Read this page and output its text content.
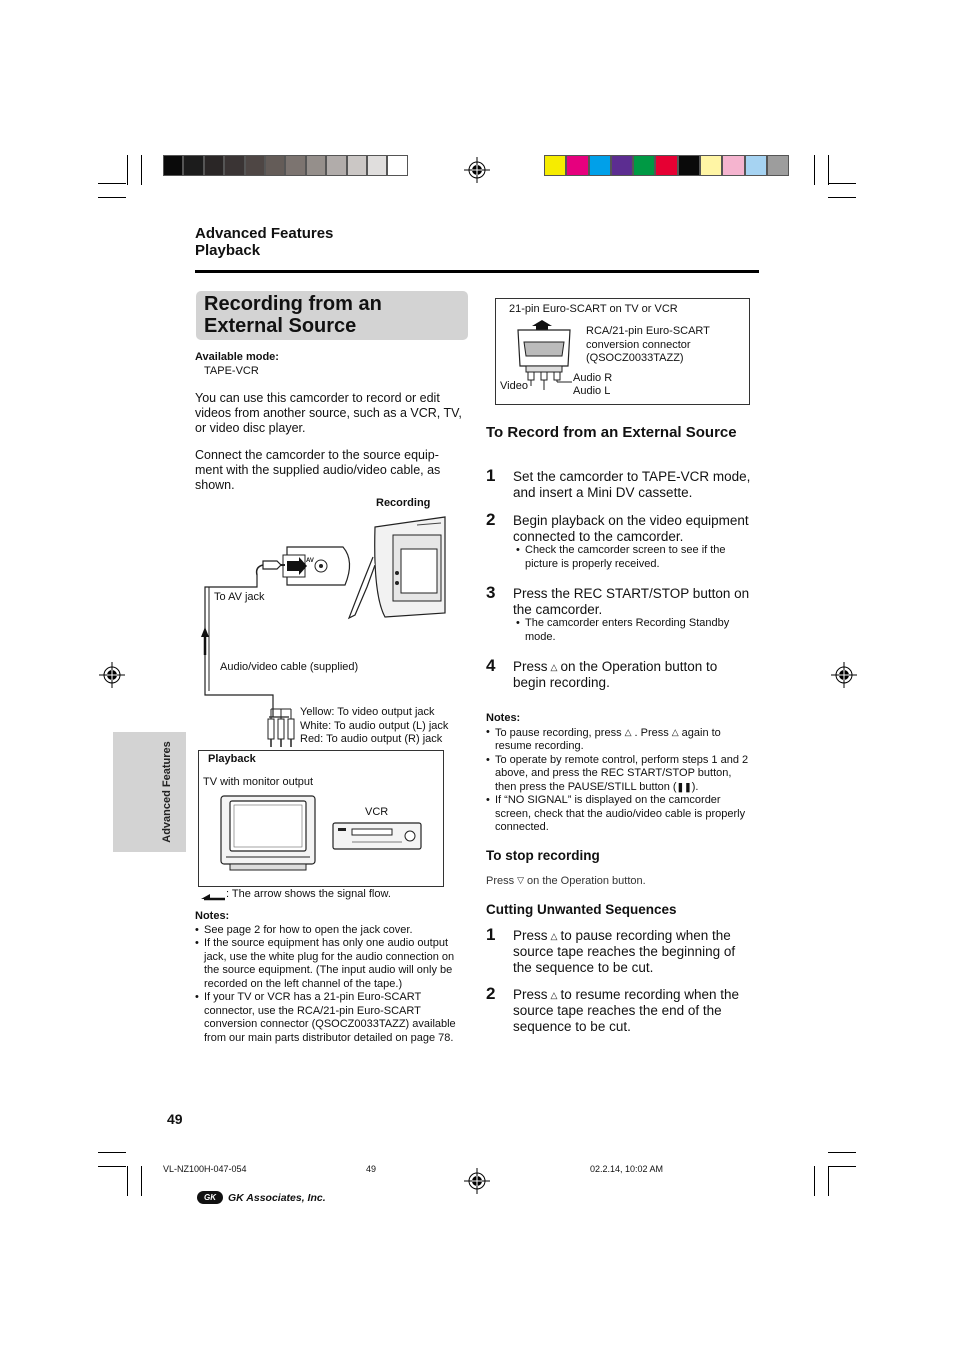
Advanced Features
Playback
Recording from an
External Source
Available mode:
TAPE-VCR
You can use this camcorder to record or edit videos from another source, such as a VCR, TV, or video disc player.
Connect the camcorder to the source equip-ment with the supplied audio/video cable, as shown.
Recording
AV
To AV jack
Audio/video cable (supplied)
Yellow: To video output jack
White: To audio output (L) jack
Red: To audio output (R) jack
Playback
TV with monitor output
VCR
: The arrow shows the signal flow.
Notes:
• See page 2 for how to open the jack cover.
• If the source equipment has only one audio output jack, use the white plug for the audio connection on the source equipment. (The input audio will only be recorded on the left channel of the tape.)
• If your TV or VCR has a 21-pin Euro-SCART connector, use the RCA/21-pin Euro-SCART conversion connector (QSOCZ0033TAZZ) available from our main parts distributor detailed on page 78.
21-pin Euro-SCART on TV or VCR
RCA/21-pin Euro-SCART conversion connector (QSOCZ0033TAZZ)
Video
Audio R
Audio L
To Record from an External Source
1 Set the camcorder to TAPE-VCR mode, and insert a Mini DV cassette.
2 Begin playback on the video equipment connected to the camcorder.
• Check the camcorder screen to see if the picture is properly received.
3 Press the REC START/STOP button on the camcorder.
• The camcorder enters Recording Standby mode.
4 Press △ on the Operation button to begin recording.
Notes:
• To pause recording, press △ . Press △ again to resume recording.
• To operate by remote control, perform steps 1 and 2 above, and press the REC START/STOP button, then press the PAUSE/STILL button (❚❚).
• If “NO SIGNAL” is displayed on the camcorder screen, check that the audio/video cable is properly connected.
To stop recording
Press ▽ on the Operation button.
Cutting Unwanted Sequences
1 Press △ to pause recording when the source tape reaches the beginning of the sequence to be cut.
2 Press △ to resume recording when the source tape reaches the end of the sequence to be cut.
Advanced Features
49
VL-NZ100H-047-054	49	02.2.14, 10:02 AM
GK	GK Associates, Inc.
